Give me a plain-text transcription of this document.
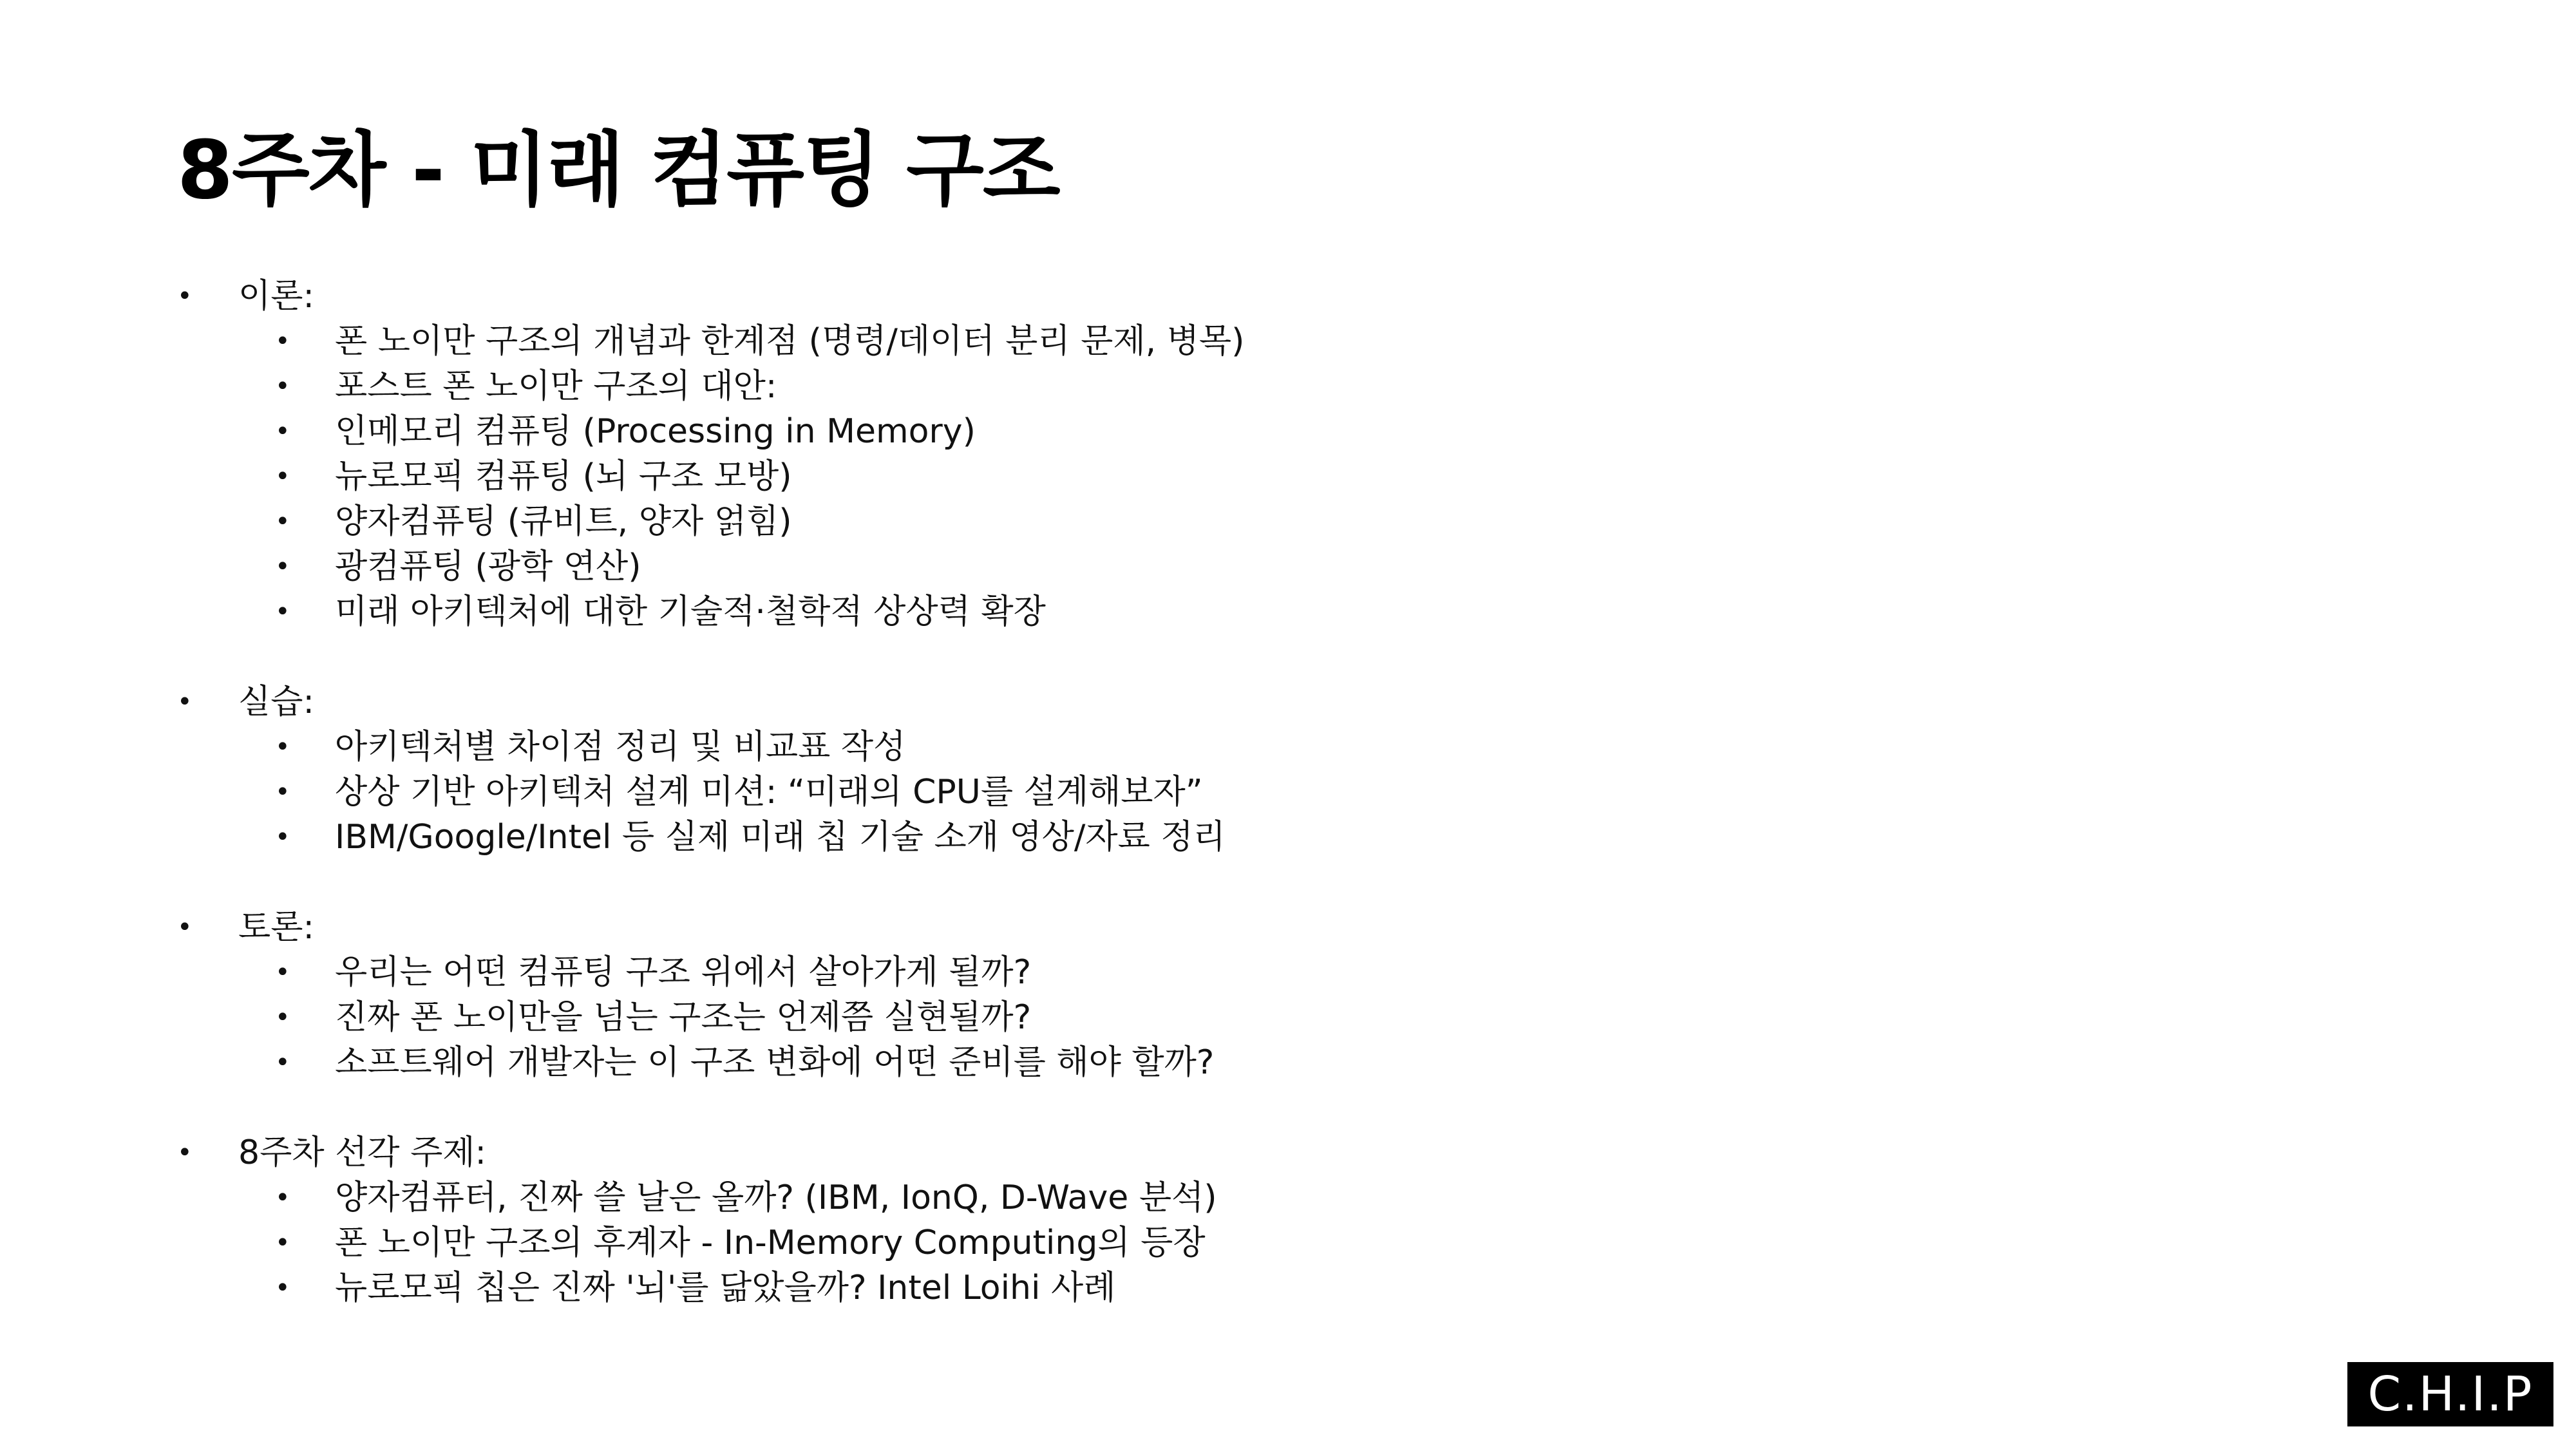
8주차 - 미래 컴퓨팅 구조
• 이론:
• 폰 노이만 구조의 개념과 한계점 (명령/데이터 분리 문제, 병목)
• 포스트 폰 노이만 구조의 대안:
• 인메모리 컴퓨팅 (Processing in Memory)
• 뉴로모픽 컴퓨팅 (뇌 구조 모방)
• 양자컴퓨팅 (큐비트, 양자 얽힘)
• 광컴퓨팅 (광학 연산)
• 미래 아키텍처에 대한 기술적·철학적 상상력 확장
• 실습:
• 아키텍처별 차이점 정리 및 비교표 작성
• 상상 기반 아키텍처 설계 미션: “미래의 CPU를 설계해보자”
• IBM/Google/Intel 등 실제 미래 칩 기술 소개 영상/자료 정리
• 토론:
• 우리는 어떤 컴퓨팅 구조 위에서 살아가게 될까?
• 진짜 폰 노이만을 넘는 구조는 언제쯤 실현될까?
• 소프트웨어 개발자는 이 구조 변화에 어떤 준비를 해야 할까?
• 8주차 선각 주제:
• 양자컴퓨터, 진짜 쓸 날은 올까? (IBM, IonQ, D-Wave 분석)
• 폰 노이만 구조의 후계자 - In-Memory Computing의 등장
• 뉴로모픽 칩은 진짜 '뇌'를 닮았을까? Intel Loihi 사례
C.H.I.P
